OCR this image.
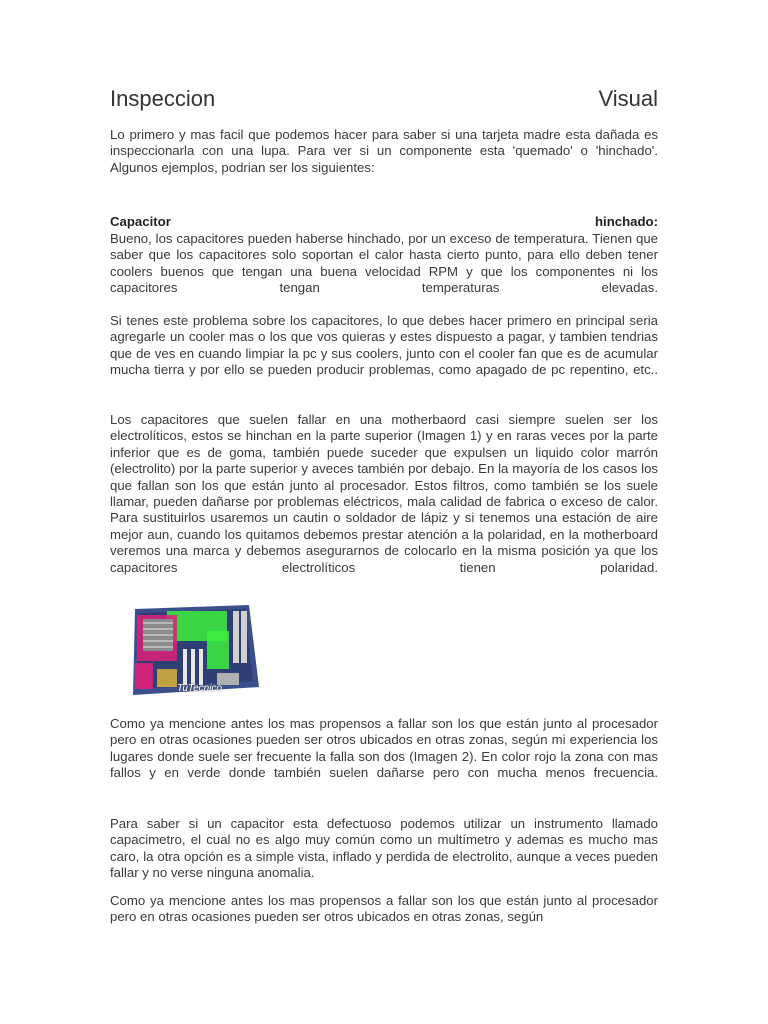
Inspeccion	Visual

Lo primero y mas facil que podemos hacer para saber si una tarjeta madre esta dañada es inspeccionarla con una lupa. Para ver si un componente esta 'quemado' o 'hinchado'. Algunos ejemplos, podrian ser los siguientes:

Capacitor	hinchado:

Bueno, los capacitores pueden haberse hinchado, por un exceso de temperatura. Tienen que saber que los capacitores solo soportan el calor hasta cierto punto, para ello deben tener coolers buenos que tengan una buena velocidad RPM y que los componentes ni los capacitores tengan temperaturas elevadas.

Si tenes este problema sobre los capacitores, lo que debes hacer primero en principal seria agregarle un cooler mas o los que vos quieras y estes dispuesto a pagar, y tambien tendrias que de ves en cuando limpiar la pc y sus coolers, junto con el cooler fan que es de acumular mucha tierra y por ello se pueden producir problemas, como apagado de pc repentino, etc..

Los capacitores que suelen fallar en una motherbaord casi siempre suelen ser los electrolíticos, estos se hinchan en la parte superior (Imagen 1) y en raras veces por la parte inferior que es de goma, también puede suceder que expulsen un liquido color marrón (electrolito) por la parte superior y aveces también por debajo. En la mayoría de los casos los que fallan son los que están junto al procesador. Estos filtros, como también se los suele llamar, pueden dañarse por problemas eléctricos, mala calidad de fabrica o exceso de calor. Para sustituirlos usaremos un cautin o soldador de lápiz y si tenemos una estación de aire mejor aun, cuando los quitamos debemos prestar atención a la polaridad, en la motherboard veremos una marca y debemos asegurarnos de colocarlo en la misma posición ya que los capacitores electrolíticos tienen polaridad.

TuTecnico

Como ya mencione antes los mas propensos a fallar son los que están junto al procesador pero en otras ocasiones pueden ser otros ubicados en otras zonas, según mi experiencia los lugares donde suele ser frecuente la falla son dos (Imagen 2). En color rojo la zona con mas fallos y en verde donde también suelen dañarse pero con mucha menos frecuencia.

Para saber si un capacitor esta defectuoso podemos utilizar un instrumento llamado capacimetro, el cual no es algo muy común como un multímetro y ademas es mucho mas caro, la otra opción es a simple vista, inflado y perdida de electrolito, aunque a veces pueden fallar y no verse ninguna anomalia.

Como ya mencione antes los mas propensos a fallar son los que están junto al procesador pero en otras ocasiones pueden ser otros ubicados en otras zonas, según
